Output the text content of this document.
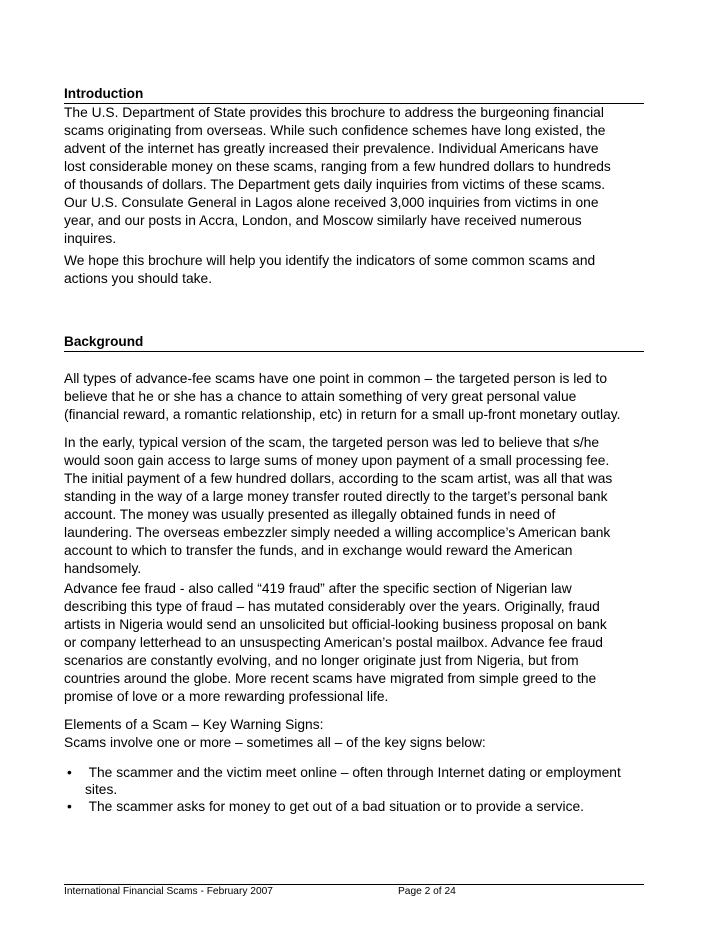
Introduction
The U.S. Department of State provides this brochure to address the burgeoning financial
scams originating from overseas. While such confidence schemes have long existed, the
advent of the internet has greatly increased their prevalence. Individual Americans have
lost considerable money on these scams, ranging from a few hundred dollars to hundreds
of thousands of dollars. The Department gets daily inquiries from victims of these scams.
Our U.S. Consulate General in Lagos alone received 3,000 inquiries from victims in one
year, and our posts in Accra, London, and Moscow similarly have received numerous
inquires.
We hope this brochure will help you identify the indicators of some common scams and
actions you should take.
Background
All types of advance-fee scams have one point in common – the targeted person is led to
believe that he or she has a chance to attain something of very great personal value
(financial reward, a romantic relationship, etc) in return for a small up-front monetary outlay.
In the early, typical version of the scam, the targeted person was led to believe that s/he
would soon gain access to large sums of money upon payment of a small processing fee.
The initial payment of a few hundred dollars, according to the scam artist, was all that was
standing in the way of a large money transfer routed directly to the target’s personal bank
account. The money was usually presented as illegally obtained funds in need of
laundering. The overseas embezzler simply needed a willing accomplice’s American bank
account to which to transfer the funds, and in exchange would reward the American
handsomely.
Advance fee fraud - also called “419 fraud” after the specific section of Nigerian law
describing this type of fraud – has mutated considerably over the years. Originally, fraud
artists in Nigeria would send an unsolicited but official-looking business proposal on bank
or company letterhead to an unsuspecting American’s postal mailbox. Advance fee fraud
scenarios are constantly evolving, and no longer originate just from Nigeria, but from
countries around the globe. More recent scams have migrated from simple greed to the
promise of love or a more rewarding professional life.
Elements of a Scam – Key Warning Signs:
Scams involve one or more – sometimes all – of the key signs below:
• The scammer and the victim meet online – often through Internet dating or employment
sites.
• The scammer asks for money to get out of a bad situation or to provide a service.
International Financial Scams - February 2007	Page 2 of 24
